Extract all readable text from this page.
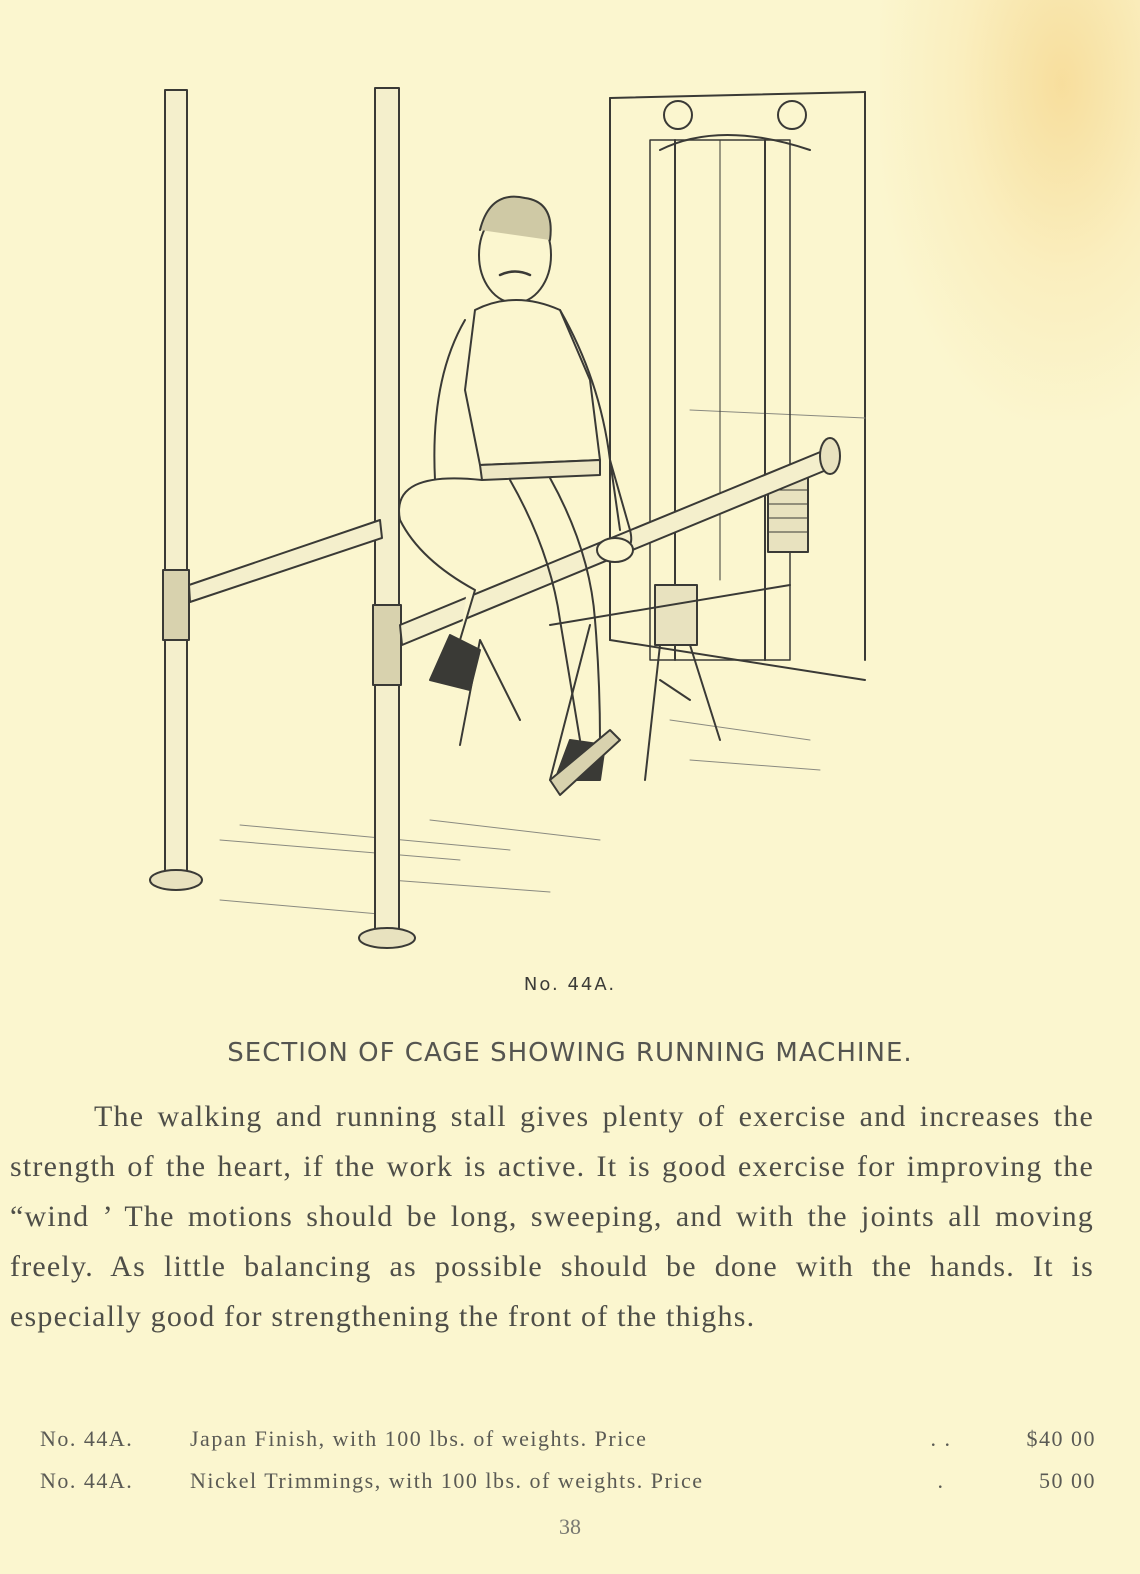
No. 44A.
SECTION OF CAGE SHOWING RUNNING MACHINE.

The walking and running stall gives plenty of exercise and increases the strength of the heart, if the work is active. It is good exercise for improving the “wind ’ The motions should be long, sweeping, and with the joints all moving freely. As little balancing as possible should be done with the hands. It is especially good for strengthening the front of the thighs.

No. 44A.	Japan Finish, with 100 lbs. of weights. Price	. .	$40 00
No. 44A.	Nickel Trimmings, with 100 lbs. of weights. Price	.	50 00
38
